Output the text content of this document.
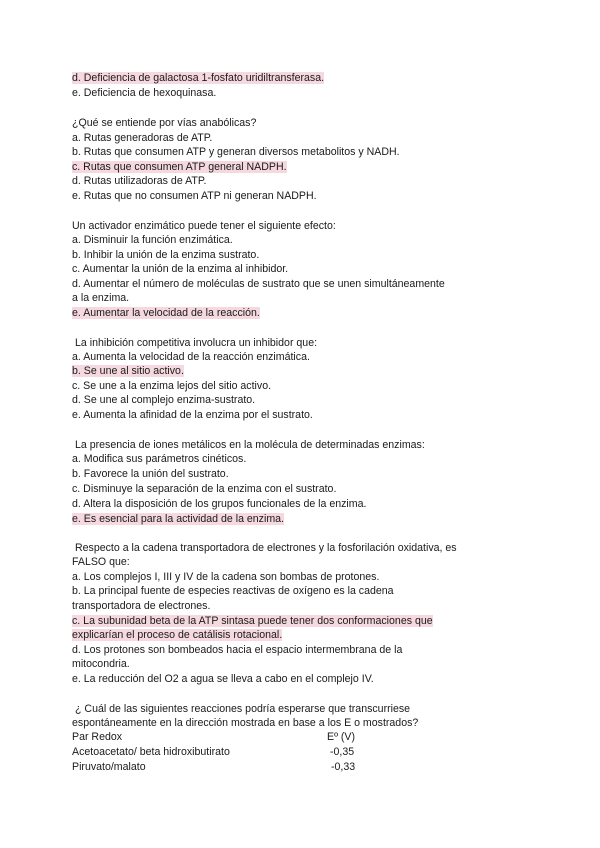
d. Deficiencia de galactosa 1-fosfato uridiltransferasa.
e. Deficiencia de hexoquinasa.
¿Qué se entiende por vías anabólicas?
a. Rutas generadoras de ATP.
b. Rutas que consumen ATP y generan diversos metabolitos y NADH.
c. Rutas que consumen ATP general NADPH.
d. Rutas utilizadoras de ATP.
e. Rutas que no consumen ATP ni generan NADPH.
Un activador enzimático puede tener el siguiente efecto:
a. Disminuir la función enzimática.
b. Inhibir la unión de la enzima sustrato.
c. Aumentar la unión de la enzima al inhibidor.
d. Aumentar el número de moléculas de sustrato que se unen simultáneamente
a la enzima.
e. Aumentar la velocidad de la reacción.
La inhibición competitiva involucra un inhibidor que:
a. Aumenta la velocidad de la reacción enzimática.
b. Se une al sitio activo.
c. Se une a la enzima lejos del sitio activo.
d. Se une al complejo enzima-sustrato.
e. Aumenta la afinidad de la enzima por el sustrato.
La presencia de iones metálicos en la molécula de determinadas enzimas:
a. Modifica sus parámetros cinéticos.
b. Favorece la unión del sustrato.
c. Disminuye la separación de la enzima con el sustrato.
d. Altera la disposición de los grupos funcionales de la enzima.
e. Es esencial para la actividad de la enzima.
Respecto a la cadena transportadora de electrones y la fosforilación oxidativa, es
FALSO que:
a. Los complejos I, III y IV de la cadena son bombas de protones.
b. La principal fuente de especies reactivas de oxígeno es la cadena
transportadora de electrones.
c. La subunidad beta de la ATP sintasa puede tener dos conformaciones que
explicarían el proceso de catálisis rotacional.
d. Los protones son bombeados hacia el espacio intermembrana de la
mitocondria.
e. La reducción del O2 a agua se lleva a cabo en el complejo IV.
¿ Cuál de las siguientes reacciones podría esperarse que transcurriese
espontáneamente en la dirección mostrada en base a los E o mostrados?
Par Redox	Eº (V)
Acetoacetato/ beta hidroxibutirato	-0,35
Piruvato/malato	-0,33
